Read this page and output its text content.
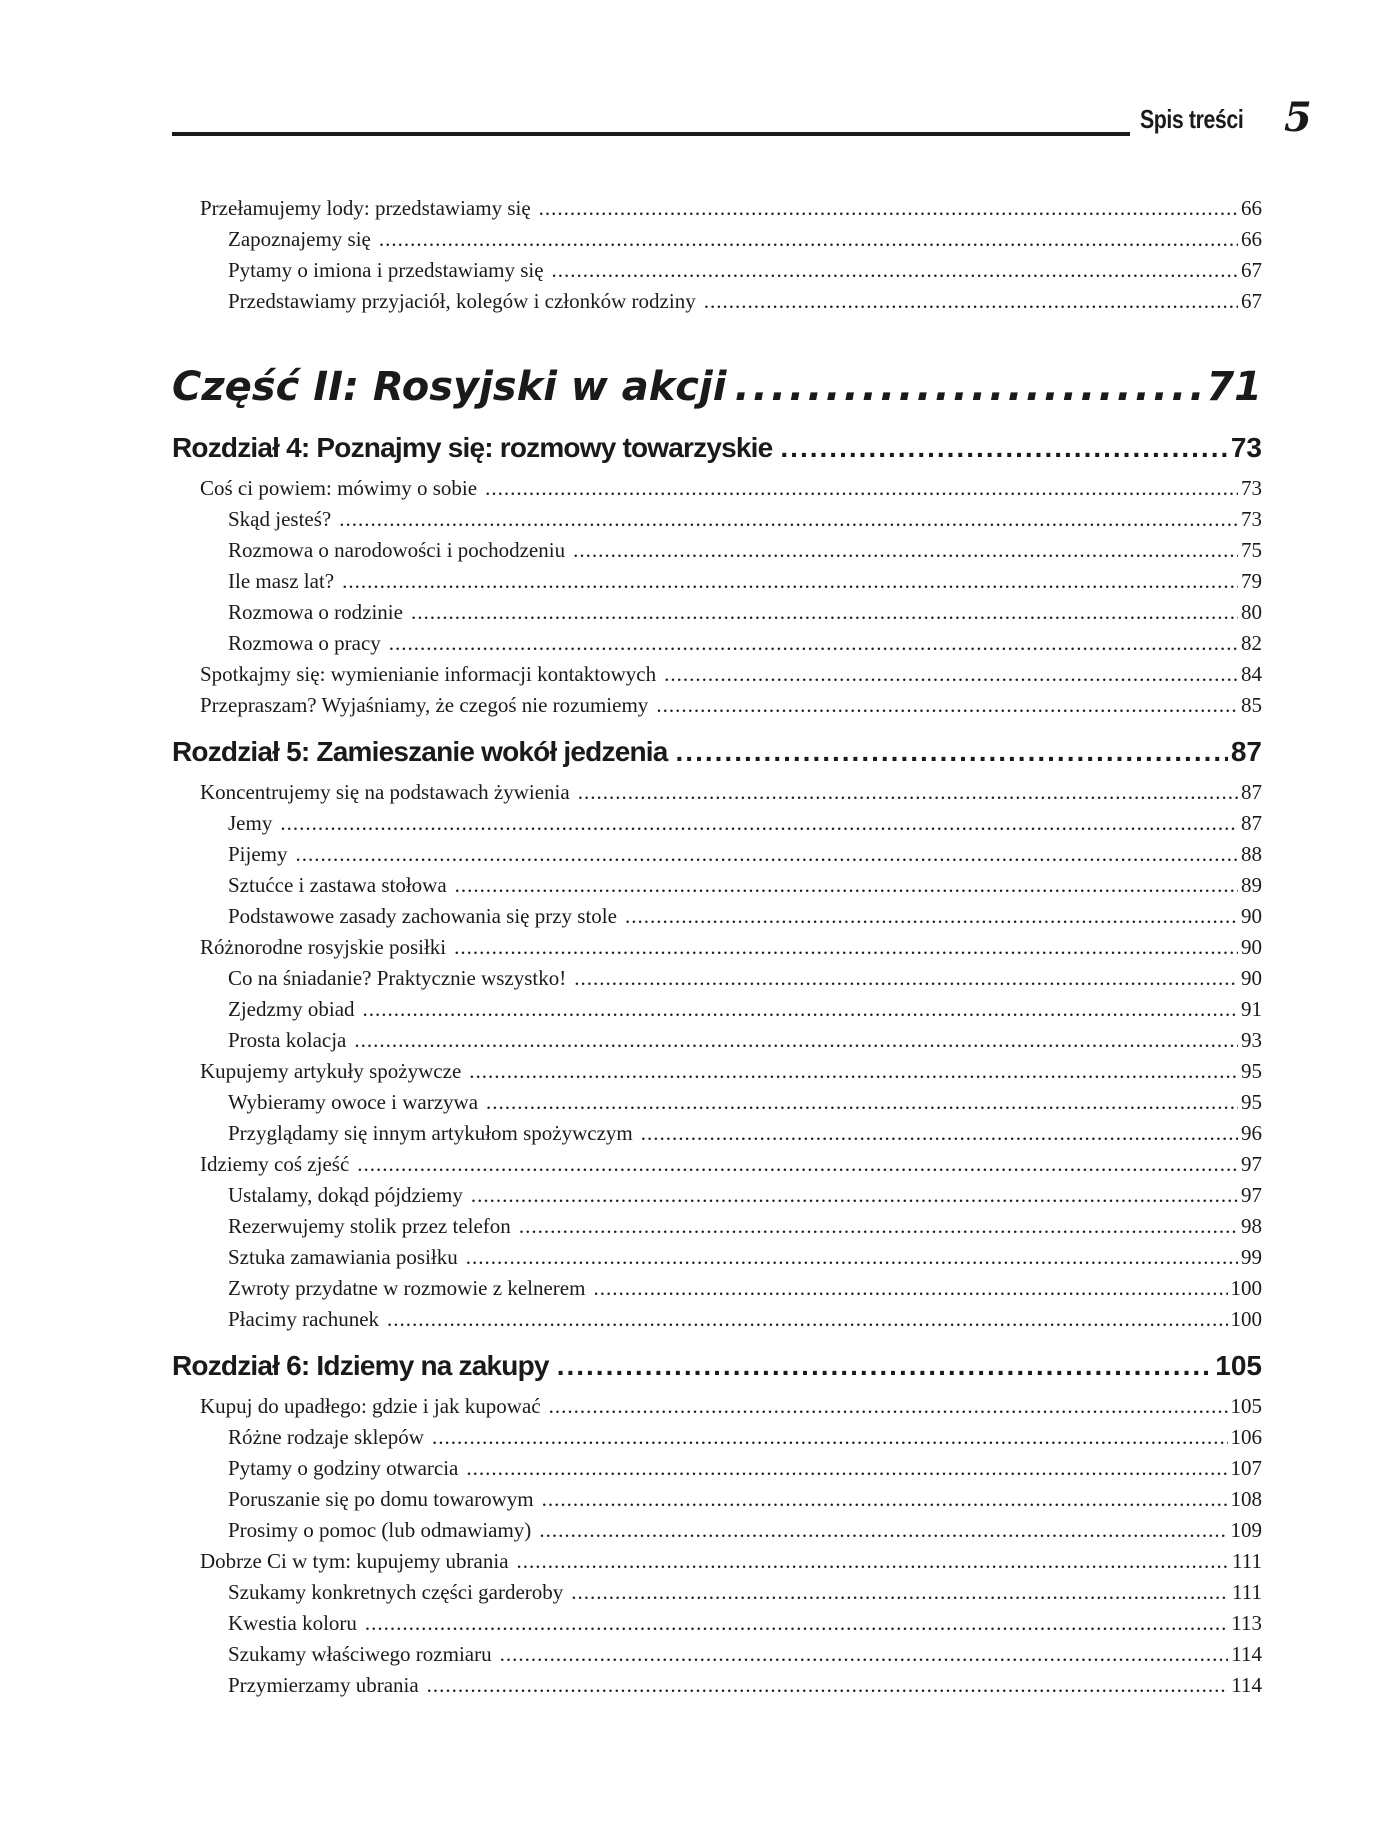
Spis treści 5
Przełamujemy lody: przedstawiamy się .....	66
Zapoznajemy się .....	66
Pytamy o imiona i przedstawiamy się .....	67
Przedstawiamy przyjaciół, kolegów i członków rodziny .....	67
Część II: Rosyjski w akcji .....	71
Rozdział 4: Poznajmy się: rozmowy towarzyskie .....	73
Coś ci powiem: mówimy o sobie .....	73
Skąd jesteś? .....	73
Rozmowa o narodowości i pochodzeniu .....	75
Ile masz lat? .....	79
Rozmowa o rodzinie .....	80
Rozmowa o pracy .....	82
Spotkajmy się: wymienianie informacji kontaktowych .....	84
Przepraszam? Wyjaśniamy, że czegoś nie rozumiemy .....	85
Rozdział 5: Zamieszanie wokół jedzenia .....	87
Koncentrujemy się na podstawach żywienia .....	87
Jemy .....	87
Pijemy .....	88
Sztućce i zastawa stołowa .....	89
Podstawowe zasady zachowania się przy stole .....	90
Różnorodne rosyjskie posiłki .....	90
Co na śniadanie? Praktycznie wszystko! .....	90
Zjedzmy obiad .....	91
Prosta kolacja .....	93
Kupujemy artykuły spożywcze .....	95
Wybieramy owoce i warzywa .....	95
Przyglądamy się innym artykułom spożywczym .....	96
Idziemy coś zjeść .....	97
Ustalamy, dokąd pójdziemy .....	97
Rezerwujemy stolik przez telefon .....	98
Sztuka zamawiania posiłku .....	99
Zwroty przydatne w rozmowie z kelnerem .....	100
Płacimy rachunek .....	100
Rozdział 6: Idziemy na zakupy .....	105
Kupuj do upadłego: gdzie i jak kupować .....	105
Różne rodzaje sklepów .....	106
Pytamy o godziny otwarcia .....	107
Poruszanie się po domu towarowym .....	108
Prosimy o pomoc (lub odmawiamy) .....	109
Dobrze Ci w tym: kupujemy ubrania .....	111
Szukamy konkretnych części garderoby .....	111
Kwestia koloru .....	113
Szukamy właściwego rozmiaru .....	114
Przymierzamy ubrania .....	114
